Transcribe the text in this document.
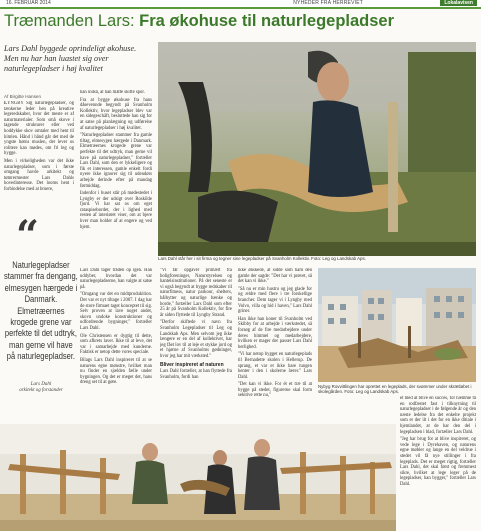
16. FEBRUAR 2014	NYHEDER FRA HERREVIET	Lokalavisen
Træmanden Lars: Fra økohuse til naturlegepladser
Lars Dahl byggede oprindeligt økohuse. Men nu har han luastet sig over naturlegepladser i høj kvalitet
Af Birgitte Hansen

LYNGBY Sig naturlegepladser, og tænkerne leder hen på kreative legeredskaber, hvor det meste er af naturmaterialer. Som små skove i tagende strukturer eller ved hoddykke skov omtaler med hent til himlen. Hånd i hånd går det med de yngste børns muslen, der lever os rolitere kan mødes, om fri leg og hygge.

Men i virkeligheden var det ikke naturlegepladser, som i første omgang havde arkitekt og tømrermester Lars Dahls hovedinteresse. Det looms hent i forbindelse med at bruere,

han indså, at han måtte skifte spor.

Fra at bygge økohuse fra hans dåsevennde begyndt på Svanholm Kollektiv, hvor legepladser blev var en sidegeschäft, besluttede han sig for at satse på planlægning og udførelse af naturlegepladser i høj kvalitet.

"Naturlegepladser stammer fra gamle tiltag, elmesygen hærgede i Danmark. Elmetræernes krogede grene var perfekte til det udtryk, man gerne vil have på naturlegepladser," fortæller Lars Dahl, som den er lykkeligere og fik et interessen, gamle enkelt fordi nyere ikke ignorer sig til udendørs arbejde derinde efter på mandag førmiddag.

Indenfor i huset står på mødestedet i Lyngby er der udsigt over Roskilde fjord. Vi har sat os om eget rataspisebordet, der i lighed med resten af interiøret viser, om at bjere hver man holder af at engere og ved hjem.

Lars Dahl tager tråden op igen. Han uddyber, hvordan det var naturlegepladserne, han valgte at satse på.

"Omgang var det en midtprodukition. Det var et nyt tiltage i 2007. I dag har de store firmaet taget konceptet til sig. Selv proven at lave noget andet, skovn undoke konstruktioner og udfordrende bygninger," fortæller Lars Dahl.

Ole Christensen er dygtig til dette, som afkrets laver. Ikke til at leve, det var i samarbejde med kunderne. Faktisk er netop dette vores speciale.

Bilags Lars Dahl inspireret til at se naturens egne mønstre, hvilket man nu finder en sjælden fælle under bygningen. Og det er meget det, hans dreng set til at gøre.

“
Naturlegepladser stammer fra dengang, elmesygen hærgede i Danmark. Elmetræernes krogede grene var perfekte til det udtryk, man gerne vil have på naturlegepladser.
Lars Dahl
arkitekt og forstander
Lars Dahl står her i sit firma og tegner sine legepladser på Svanholm Kollektiv. Foto: Leg og Landskab Aps.

"Vi får opgaver primært fra boligforeninger, Naturstyrelsen og hantelsinstitutioner. På det seneste er vi også begyndt at bygge redskaber til naturfitness, natur parkour, shelters, bålhytter og naturlige bænke og borde," fortæller Lars Dahl som efter 25 år på Svanholm Kollektiv, for fire år siden flyttede til Lyngby Strand.

"Derfor skiftede vi navn fra Svanholm Legepladser til Leg og Landskab Aps. Men selvom jeg ikke længere er en del af kollektivet, har jeg fået lov til at leje et stykke jord og et hjørne af Svanholms gødninger, hvor jeg har mit værksted."

Bliver inspireret af naturen

Lars Dahl fortæller, at han flyttede fra Svanholm, fordi han

ikke ønskede, at sidde som ham den gamle der sagde: "Det har vi prøvet, så det kan vi ikke."

"Så nu er min hustru og jeg glade for og ældre med flere i tre forskellige brancher. Dem tager vi i Lyngby med Volvo, villa og hid i haven," Lars Dahl griner.

Han ikke han koner til Svanholm ved Skibby for at arbejde i værkstedet, så forsøg af de fire medarbejdere under deres himmel og medarbejdere, hvilken er mager der passer Lars Dahl herlighed.

"Vi har netop bygget en naturlegeplads til Bernadette skolen i Hellerup. De sprang, et var et ikke bare tungen henter i den i skolerne lærer." Lars Dahl.

"Det kan vi ikke. For ét et træ til at bygge på stedet, figurerne skal form sekitive rette nu,"

Nybyg Rovvittlingen har oprettet en legeplads, der svømmer under skrætløbet i skolegården. Foto: Leg og Landskab Aps.

et med at blive en succes, for hæmme få en rodfæstet fast i tilknytning til naturlegepladser i de følgende år og den næste ledelse fra det enkelte projekt som er der ilt i det for en ikke ditiale i hjemlandet, at de har den del i legepladsen i blad, fortæller Lars Dahl.

"Jeg har brug for at blive inspireret, og vede lege i Dyrehaven, og naturens egne møbler og lange en del veldrue i stedet vil få nye stillinger i fra legeplads. Det er meget rigtig, fortæller Lars Dahl, det skal først og fremmest sikre, hvilket at lege leger på de legepladser, han bygger," fortæller Lars Dahl.
